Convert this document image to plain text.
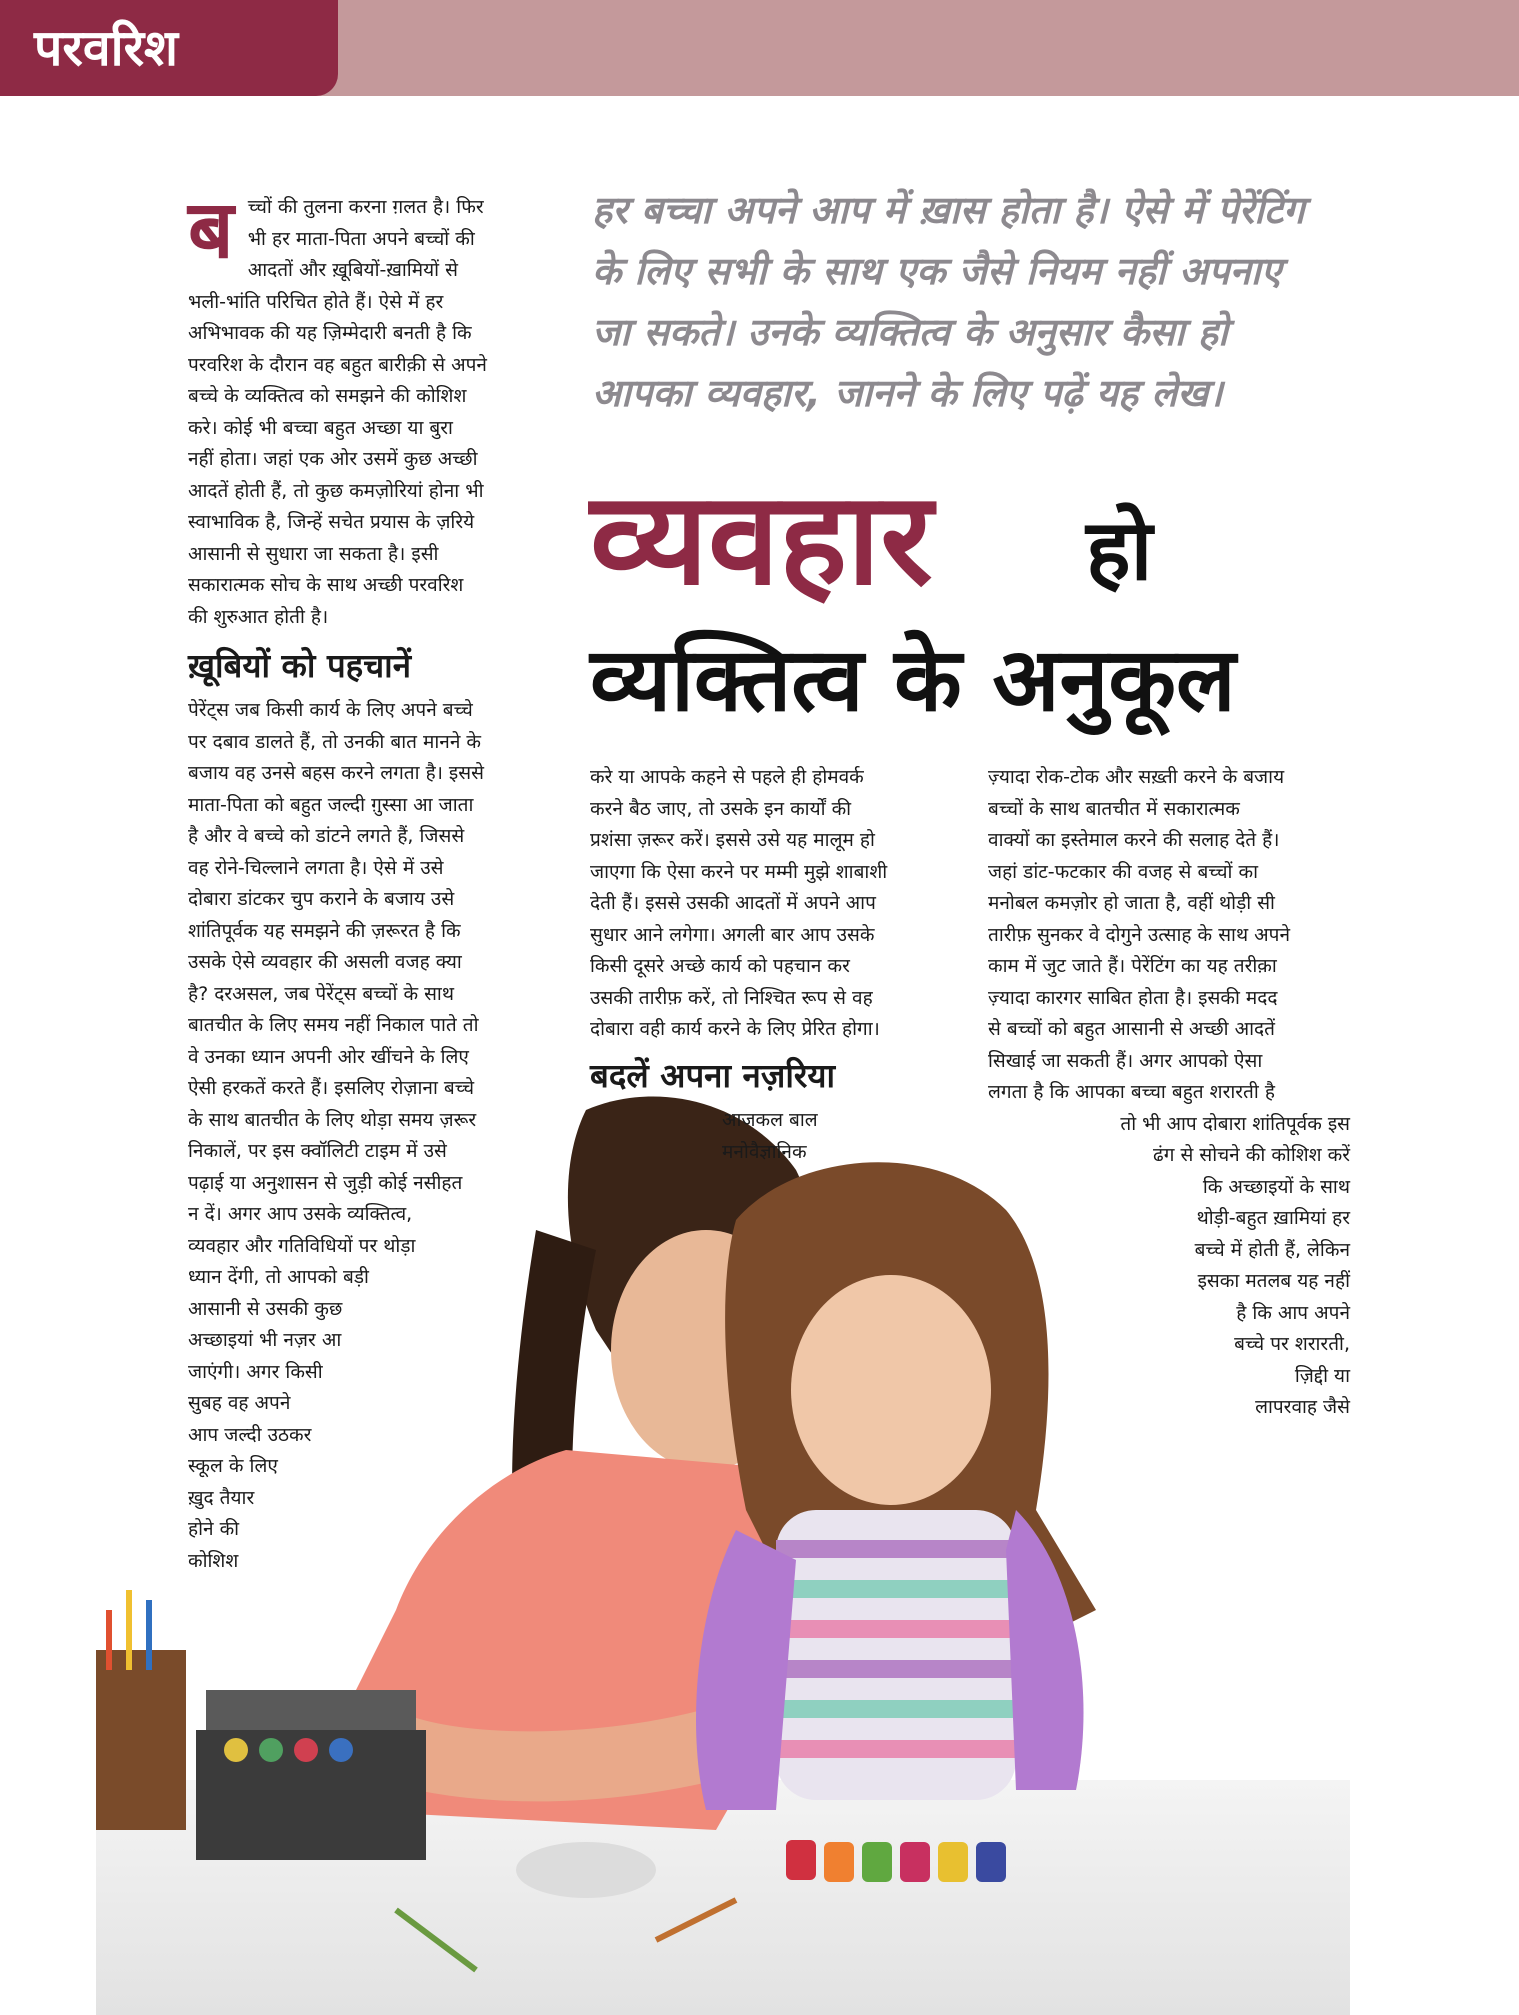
परवरिश
ब च्चों की तुलना करना ग़लत है। फिर

भी हर माता-पिता अपने बच्चों की

आदतों और ख़ूबियों-ख़ामियों से

भली-भांति परिचित होते हैं। ऐसे में हर

अभिभावक की यह ज़िम्मेदारी बनती है कि

परवरिश के दौरान वह बहुत बारीक़ी से अपने

बच्चे के व्यक्तित्व को समझने की कोशिश

करे। कोई भी बच्चा बहुत अच्छा या बुरा

नहीं होता। जहां एक ओर उसमें कुछ अच्छी

आदतें होती हैं, तो कुछ कमज़ोरियां होना भी

स्वाभाविक है, जिन्हें सचेत प्रयास के ज़रिये

आसानी से सुधारा जा सकता है। इसी

सकारात्मक सोच के साथ अच्छी परवरिश

की शुरुआत होती है।

ख़ूबियों को पहचानें

पेरेंट्स जब किसी कार्य के लिए अपने बच्चे

पर दबाव डालते हैं, तो उनकी बात मानने के

बजाय वह उनसे बहस करने लगता है। इससे

माता-पिता को बहुत जल्दी ग़ुस्सा आ जाता

है और वे बच्चे को डांटने लगते हैं, जिससे

वह रोने-चिल्लाने लगता है। ऐसे में उसे

दोबारा डांटकर चुप कराने के बजाय उसे

शांतिपूर्वक यह समझने की ज़रूरत है कि

उसके ऐसे व्यवहार की असली वजह क्या

है? दरअसल, जब पेरेंट्स बच्चों के साथ

बातचीत के लिए समय नहीं निकाल पाते तो

वे उनका ध्यान अपनी ओर खींचने के लिए

ऐसी हरकतें करते हैं। इसलिए रोज़ाना बच्चे

के साथ बातचीत के लिए थोड़ा समय ज़रूर

निकालें, पर इस क्वॉलिटी टाइम में उसे

पढ़ाई या अनुशासन से जुड़ी कोई नसीहत

न दें। अगर आप उसके व्यक्तित्व,

व्यवहार और गतिविधियों पर थोड़ा

ध्यान देंगी, तो आपको बड़ी

आसानी से उसकी कुछ

अच्छाइयां भी नज़र आ

जाएंगी। अगर किसी

सुबह वह अपने

आप जल्दी उठकर

स्कूल के लिए

ख़ुद तैयार

होने की

कोशिश

हर बच्चा अपने आप में ख़ास होता है। ऐसे में पेरेंटिंग के लिए सभी के साथ एक जैसे नियम नहीं अपनाए जा सकते। उनके व्यक्तित्व के अनुसार कैसा हो आपका व्यवहार, जानने के लिए पढ़ें यह लेख।
व्यवहार हो
व्यक्तित्व के अनुकूल

करे या आपके कहने से पहले ही होमवर्क

करने बैठ जाए, तो उसके इन कार्यों की

प्रशंसा ज़रूर करें। इससे उसे यह मालूम हो

जाएगा कि ऐसा करने पर मम्मी मुझे शाबाशी

देती हैं। इससे उसकी आदतों में अपने आप

सुधार आने लगेगा। अगली बार आप उसके

किसी दूसरे अच्छे कार्य को पहचान कर

उसकी तारीफ़ करें, तो निश्चित रूप से वह

दोबारा वही कार्य करने के लिए प्रेरित होगा।

बदलें अपना नज़रिया

आजकल बाल

मनोवैज्ञानिक

ज़्यादा रोक-टोक और सख़्ती करने के बजाय

बच्चों के साथ बातचीत में सकारात्मक

वाक्यों का इस्तेमाल करने की सलाह देते हैं।

जहां डांट-फटकार की वजह से बच्चों का

मनोबल कमज़ोर हो जाता है, वहीं थोड़ी सी

तारीफ़ सुनकर वे दोगुने उत्साह के साथ अपने

काम में जुट जाते हैं। पेरेंटिंग का यह तरीक़ा

ज़्यादा कारगर साबित होता है। इसकी मदद

से बच्चों को बहुत आसानी से अच्छी आदतें

सिखाई जा सकती हैं। अगर आपको ऐसा

लगता है कि आपका बच्चा बहुत शरारती है

तो भी आप दोबारा शांतिपूर्वक इस

ढंग से सोचने की कोशिश करें

कि अच्छाइयों के साथ

थोड़ी-बहुत ख़ामियां हर

बच्चे में होती हैं, लेकिन

इसका मतलब यह नहीं

है कि आप अपने

बच्चे पर शरारती,

ज़िद्दी या

लापरवाह जैसे
